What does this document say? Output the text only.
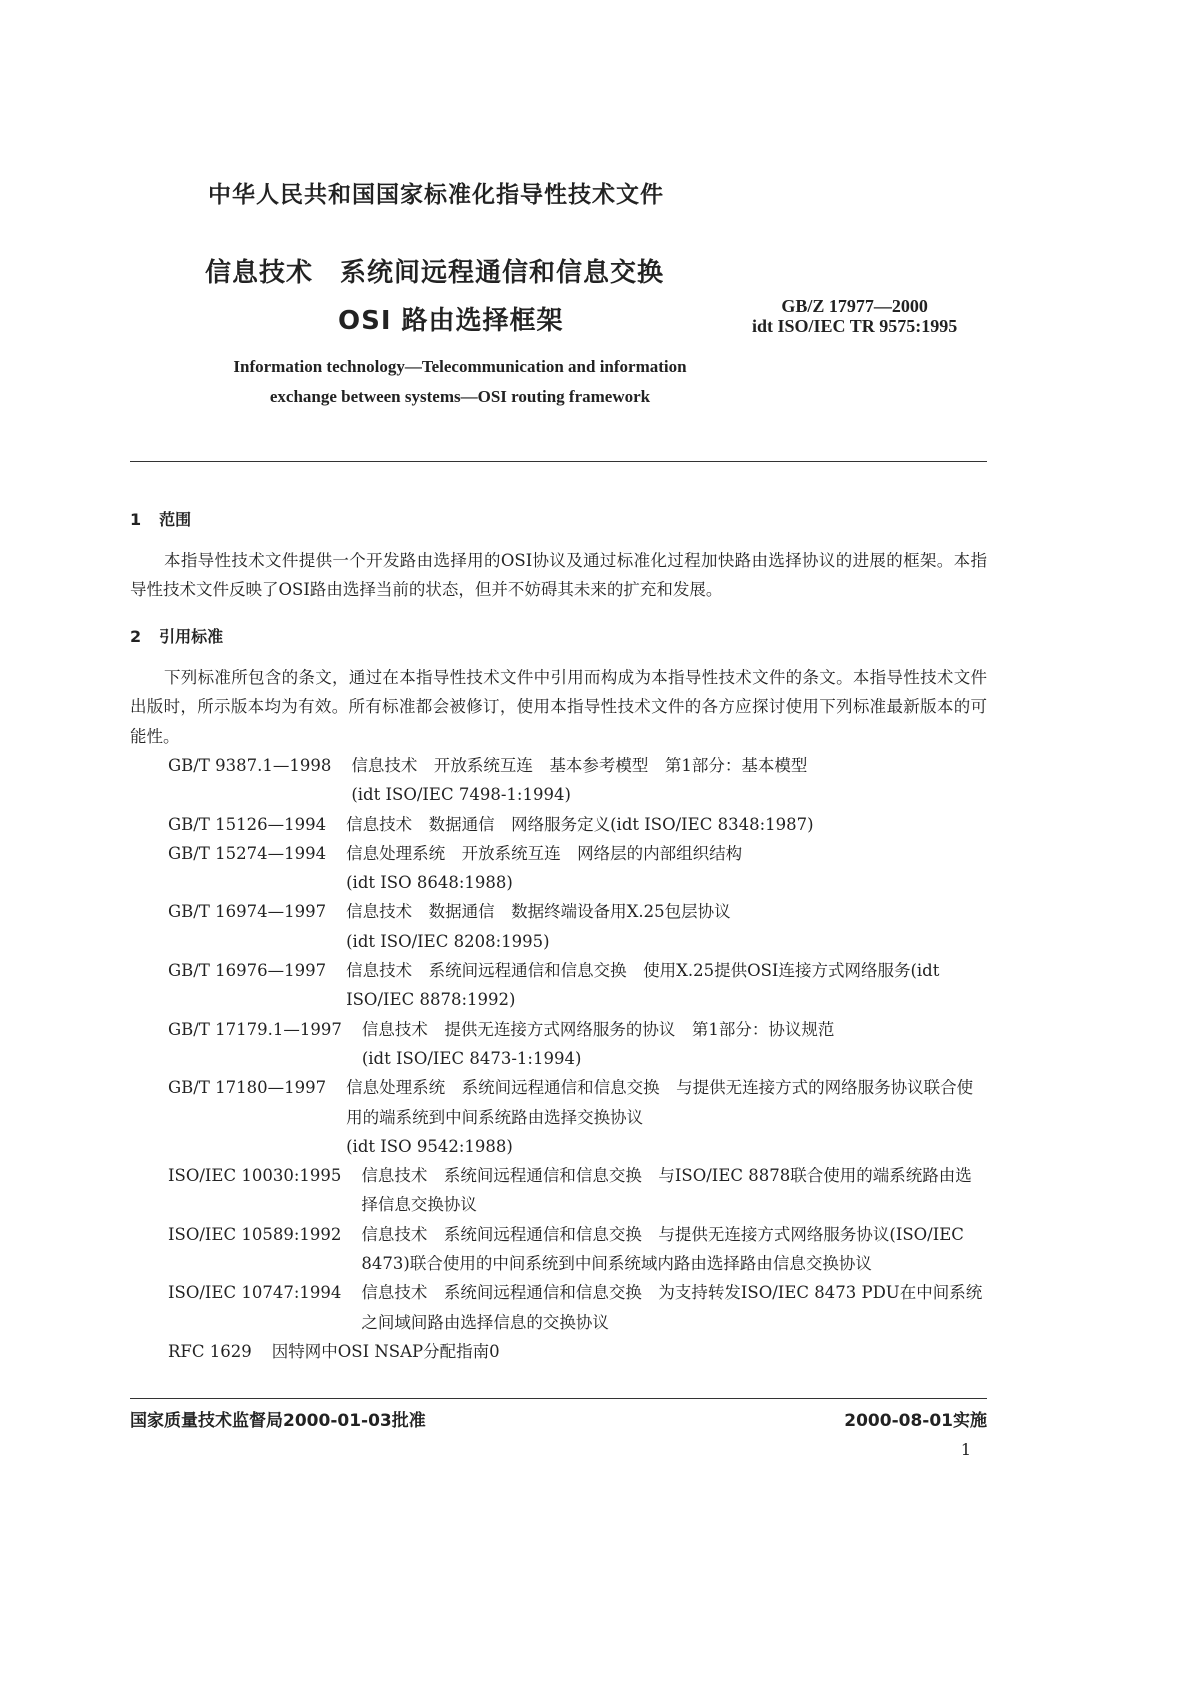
中华人民共和国国家标准化指导性技术文件
信息技术　系统间远程通信和信息交换
OSI 路由选择框架	GB/Z 17977—2000
idt ISO/IEC TR 9575:1995
Information technology—Telecommunication and information
exchange between systems—OSI routing framework
1 范围
本指导性技术文件提供一个开发路由选择用的OSI协议及通过标准化过程加快路由选择协议的进展的框架。本指导性技术文件反映了OSI路由选择当前的状态，但并不妨碍其未来的扩充和发展。
2 引用标准
下列标准所包含的条文，通过在本指导性技术文件中引用而构成为本指导性技术文件的条文。本指导性技术文件出版时，所示版本均为有效。所有标准都会被修订，使用本指导性技术文件的各方应探讨使用下列标准最新版本的可能性。
GB/T 9387.1—1998 信息技术　开放系统互连　基本参考模型　第1部分：基本模型
(idt ISO/IEC 7498-1:1994)
GB/T 15126—1994 信息技术　数据通信　网络服务定义(idt ISO/IEC 8348:1987)
GB/T 15274—1994 信息处理系统　开放系统互连　网络层的内部组织结构
(idt ISO 8648:1988)
GB/T 16974—1997 信息技术　数据通信　数据终端设备用X.25包层协议
(idt ISO/IEC 8208:1995)
GB/T 16976—1997 信息技术　系统间远程通信和信息交换　使用X.25提供OSI连接方式网络服务(idt ISO/IEC 8878:1992)
GB/T 17179.1—1997 信息技术　提供无连接方式网络服务的协议　第1部分：协议规范
(idt ISO/IEC 8473-1:1994)
GB/T 17180—1997 信息处理系统　系统间远程通信和信息交换　与提供无连接方式的网络服务协议联合使用的端系统到中间系统路由选择交换协议
(idt ISO 9542:1988)
ISO/IEC 10030:1995 信息技术　系统间远程通信和信息交换　与ISO/IEC 8878联合使用的端系统路由选择信息交换协议
ISO/IEC 10589:1992 信息技术　系统间远程通信和信息交换　与提供无连接方式网络服务协议(ISO/IEC 8473)联合使用的中间系统到中间系统域内路由选择路由信息交换协议
ISO/IEC 10747:1994 信息技术　系统间远程通信和信息交换　为支持转发ISO/IEC 8473 PDU在中间系统之间域间路由选择信息的交换协议
RFC 1629 因特网中OSI NSAP分配指南0
国家质量技术监督局2000-01-03批准	2000-08-01实施
1
